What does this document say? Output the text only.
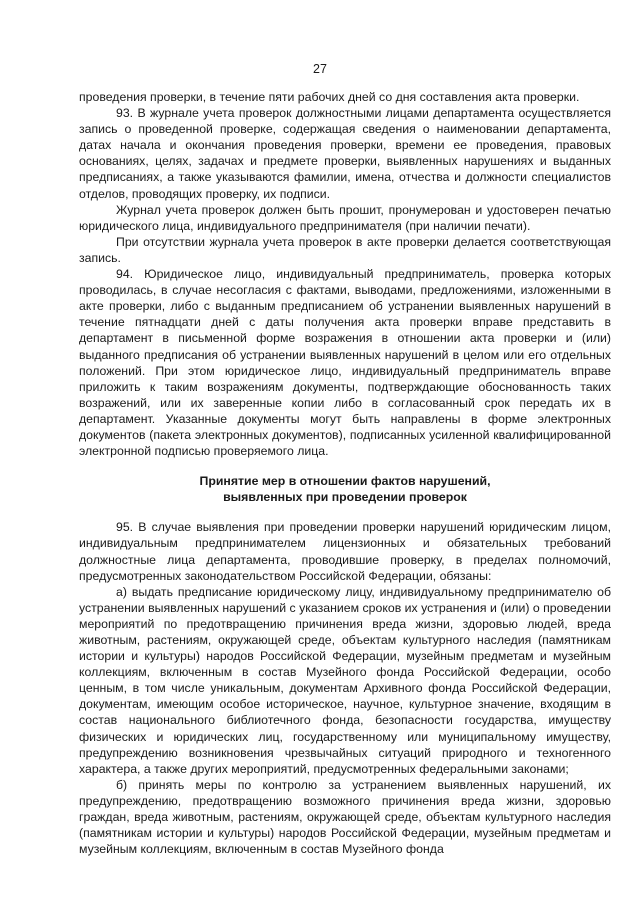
27

проведения проверки, в течение пяти рабочих дней со дня составления акта проверки.

93. В журнале учета проверок должностными лицами департамента осуществляется запись о проведенной проверке, содержащая сведения о наименовании департамента, датах начала и окончания проведения проверки, времени ее проведения, правовых основаниях, целях, задачах и предмете проверки, выявленных нарушениях и выданных предписаниях, а также указываются фамилии, имена, отчества и должности специалистов отделов, проводящих проверку, их подписи.

Журнал учета проверок должен быть прошит, пронумерован и удостоверен печатью юридического лица, индивидуального предпринимателя (при наличии печати).

При отсутствии журнала учета проверок в акте проверки делается соответствующая запись.

94. Юридическое лицо, индивидуальный предприниматель, проверка которых проводилась, в случае несогласия с фактами, выводами, предложениями, изложенными в акте проверки, либо с выданным предписанием об устранении выявленных нарушений в течение пятнадцати дней с даты получения акта проверки вправе представить в департамент в письменной форме возражения в отношении акта проверки и (или) выданного предписания об устранении выявленных нарушений в целом или его отдельных положений. При этом юридическое лицо, индивидуальный предприниматель вправе приложить к таким возражениям документы, подтверждающие обоснованность таких возражений, или их заверенные копии либо в согласованный срок передать их в департамент. Указанные документы могут быть направлены в форме электронных документов (пакета электронных документов), подписанных усиленной квалифицированной электронной подписью проверяемого лица.

Принятие мер в отношении фактов нарушений,
выявленных при проведении проверок

95. В случае выявления при проведении проверки нарушений юридическим лицом, индивидуальным предпринимателем лицензионных и обязательных требований должностные лица департамента, проводившие проверку, в пределах полномочий, предусмотренных законодательством Российской Федерации, обязаны:

а) выдать предписание юридическому лицу, индивидуальному предпринимателю об устранении выявленных нарушений с указанием сроков их устранения и (или) о проведении мероприятий по предотвращению причинения вреда жизни, здоровью людей, вреда животным, растениям, окружающей среде, объектам культурного наследия (памятникам истории и культуры) народов Российской Федерации, музейным предметам и музейным коллекциям, включенным в состав Музейного фонда Российской Федерации, особо ценным, в том числе уникальным, документам Архивного фонда Российской Федерации, документам, имеющим особое историческое, научное, культурное значение, входящим в состав национального библиотечного фонда, безопасности государства, имуществу физических и юридических лиц, государственному или муниципальному имуществу, предупреждению возникновения чрезвычайных ситуаций природного и техногенного характера, а также других мероприятий, предусмотренных федеральными законами;

б) принять меры по контролю за устранением выявленных нарушений, их предупреждению, предотвращению возможного причинения вреда жизни, здоровью граждан, вреда животным, растениям, окружающей среде, объектам культурного наследия (памятникам истории и культуры) народов Российской Федерации, музейным предметам и музейным коллекциям, включенным в состав Музейного фонда
